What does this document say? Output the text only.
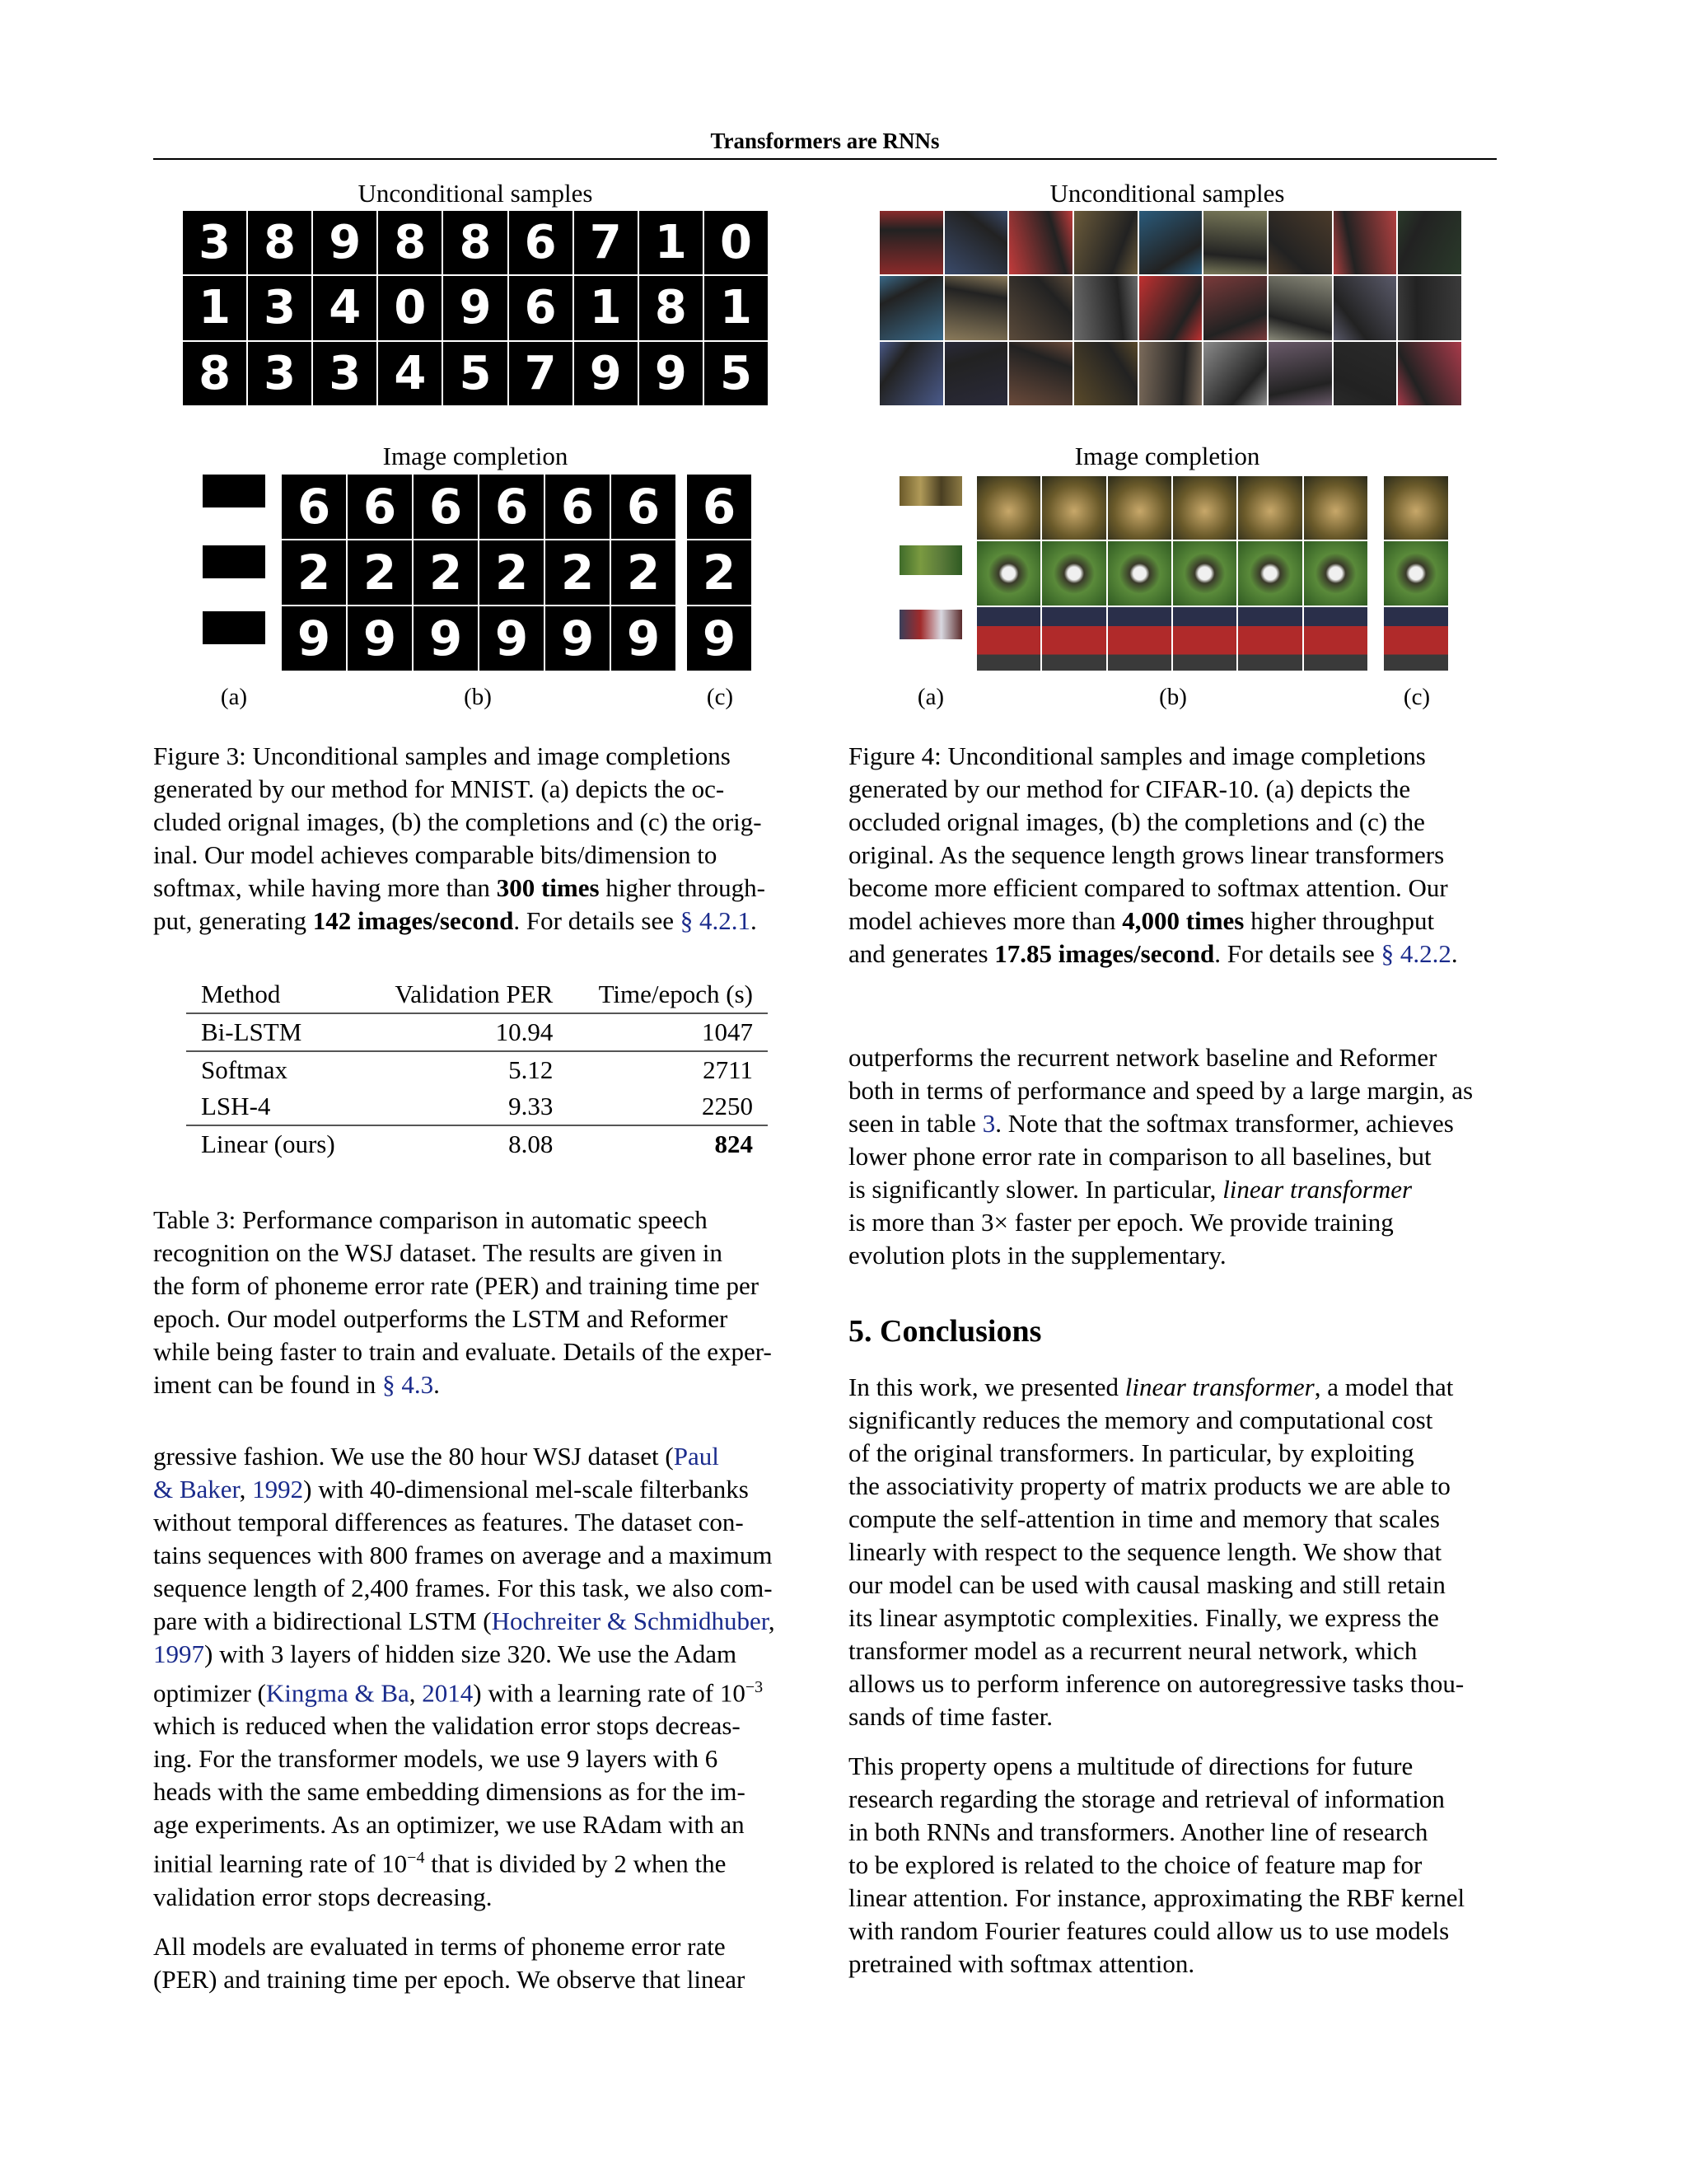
Transformers are RNNs
Unconditional samples
3 8 9 8 8 6 7 1 0
1 3 4 0 9 6 1 8 1
8 3 3 4 5 7 9 9 5
Image completion
6 6 6 6 6 6
2 2 2 2 2 2
9 9 9 9 9 9
6
2
9
(a)	(b)	(c)
Figure 3: Unconditional samples and image completions
generated by our method for MNIST. (a) depicts the oc-
cluded orignal images, (b) the completions and (c) the orig-
inal. Our model achieves comparable bits/dimension to
softmax, while having more than 300 times higher through-
put, generating 142 images/second. For details see § 4.2.1.
Unconditional samples
Image completion
(a)	(b)	(c)
Figure 4: Unconditional samples and image completions
generated by our method for CIFAR-10. (a) depicts the
occluded orignal images, (b) the completions and (c) the
original. As the sequence length grows linear transformers
become more efficient compared to softmax attention. Our
model achieves more than 4,000 times higher throughput
and generates 17.85 images/second. For details see § 4.2.2.
Method	Validation PER	Time/epoch (s)
Bi-LSTM	10.94	1047
Softmax	5.12	2711
LSH-4	9.33	2250
Linear (ours)	8.08	824
Table 3: Performance comparison in automatic speech
recognition on the WSJ dataset. The results are given in
the form of phoneme error rate (PER) and training time per
epoch. Our model outperforms the LSTM and Reformer
while being faster to train and evaluate. Details of the exper-
iment can be found in § 4.3.
gressive fashion. We use the 80 hour WSJ dataset (Paul
& Baker, 1992) with 40-dimensional mel-scale filterbanks
without temporal differences as features. The dataset con-
tains sequences with 800 frames on average and a maximum
sequence length of 2,400 frames. For this task, we also com-
pare with a bidirectional LSTM (Hochreiter & Schmidhuber,
1997) with 3 layers of hidden size 320. We use the Adam
optimizer (Kingma & Ba, 2014) with a learning rate of $10^{-3}$
which is reduced when the validation error stops decreas-
ing. For the transformer models, we use 9 layers with 6
heads with the same embedding dimensions as for the im-
age experiments. As an optimizer, we use RAdam with an
initial learning rate of $10^{-4}$ that is divided by 2 when the
validation error stops decreasing.
All models are evaluated in terms of phoneme error rate
(PER) and training time per epoch. We observe that linear
outperforms the recurrent network baseline and Reformer
both in terms of performance and speed by a large margin, as
seen in table 3. Note that the softmax transformer, achieves
lower phone error rate in comparison to all baselines, but
is significantly slower. In particular, linear transformer
is more than 3× faster per epoch. We provide training
evolution plots in the supplementary.
5. Conclusions
In this work, we presented linear transformer, a model that
significantly reduces the memory and computational cost
of the original transformers. In particular, by exploiting
the associativity property of matrix products we are able to
compute the self-attention in time and memory that scales
linearly with respect to the sequence length. We show that
our model can be used with causal masking and still retain
its linear asymptotic complexities. Finally, we express the
transformer model as a recurrent neural network, which
allows us to perform inference on autoregressive tasks thou-
sands of time faster.
This property opens a multitude of directions for future
research regarding the storage and retrieval of information
in both RNNs and transformers. Another line of research
to be explored is related to the choice of feature map for
linear attention. For instance, approximating the RBF kernel
with random Fourier features could allow us to use models
pretrained with softmax attention.
